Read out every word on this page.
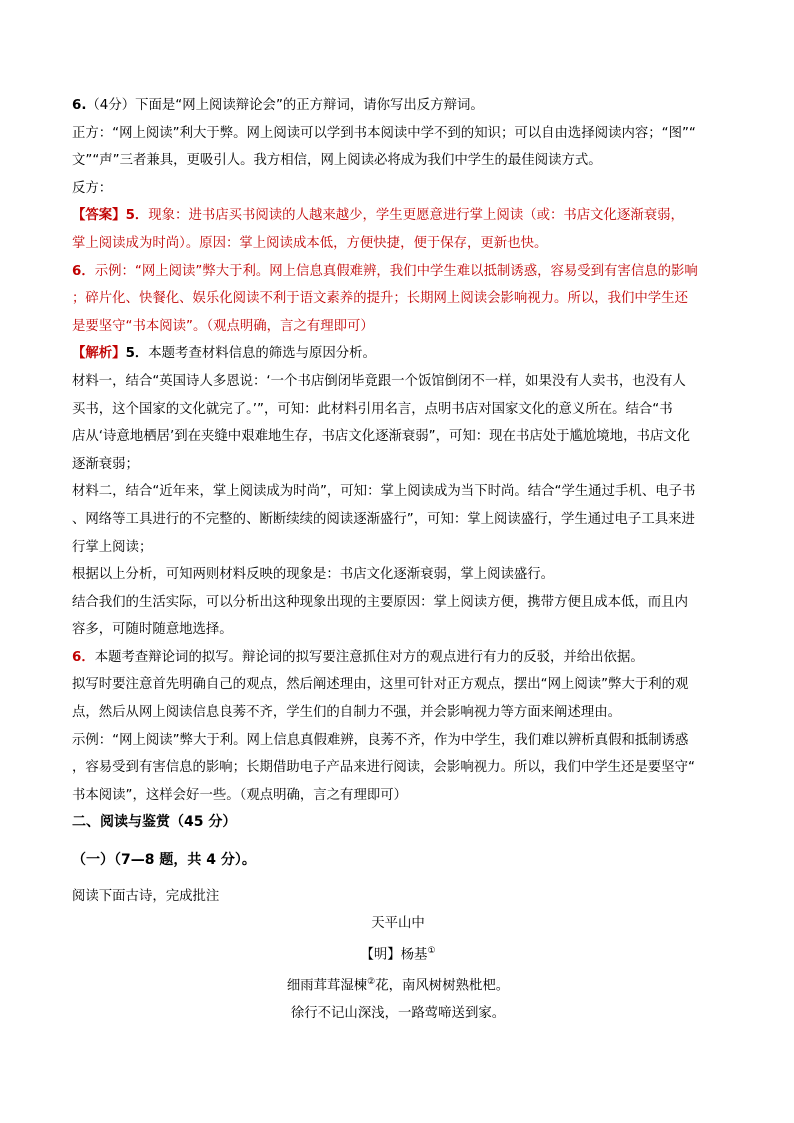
6.（4分）下面是“网上阅读辩论会”的正方辩词，请你写出反方辩词。

正方：“网上阅读”利大于弊。网上阅读可以学到书本阅读中学不到的知识；可以自由选择阅读内容；“图”“
文”“声”三者兼具，更吸引人。我方相信，网上阅读必将成为我们中学生的最佳阅读方式。

反方：

【答案】5．现象：进书店买书阅读的人越来越少，学生更愿意进行掌上阅读（或：书店文化逐渐衰弱，
掌上阅读成为时尚）。原因：掌上阅读成本低，方便快捷，便于保存，更新也快。

6．示例：“网上阅读”弊大于利。网上信息真假难辨，我们中学生难以抵制诱惑，容易受到有害信息的影响
；碎片化、快餐化、娱乐化阅读不利于语文素养的提升；长期网上阅读会影响视力。所以，我们中学生还
是要坚守“书本阅读”。（观点明确，言之有理即可）

【解析】5．本题考查材料信息的筛选与原因分析。

材料一，结合“英国诗人多恩说：‘一个书店倒闭毕竟跟一个饭馆倒闭不一样，如果没有人卖书，也没有人
买书，这个国家的文化就完了。’”，可知：此材料引用名言，点明书店对国家文化的意义所在。结合“书
店从‘诗意地栖居’到在夹缝中艰难地生存，书店文化逐渐衰弱”，可知：现在书店处于尴尬境地，书店文化
逐渐衰弱；

材料二，结合“近年来，掌上阅读成为时尚”，可知：掌上阅读成为当下时尚。结合“学生通过手机、电子书
、网络等工具进行的不完整的、断断续续的阅读逐渐盛行”，可知：掌上阅读盛行，学生通过电子工具来进
行掌上阅读；

根据以上分析，可知两则材料反映的现象是：书店文化逐渐衰弱，掌上阅读盛行。

结合我们的生活实际，可以分析出这种现象出现的主要原因：掌上阅读方便，携带方便且成本低，而且内
容多，可随时随意地选择。

6．本题考查辩论词的拟写。辩论词的拟写要注意抓住对方的观点进行有力的反驳，并给出依据。

拟写时要注意首先明确自己的观点，然后阐述理由，这里可针对正方观点，摆出“网上阅读”弊大于利的观
点，然后从网上阅读信息良莠不齐，学生们的自制力不强，并会影响视力等方面来阐述理由。

示例：“网上阅读”弊大于利。网上信息真假难辨，良莠不齐，作为中学生，我们难以辨析真假和抵制诱惑
，容易受到有害信息的影响；长期借助电子产品来进行阅读，会影响视力。所以，我们中学生还是要坚守“
书本阅读”，这样会好一些。（观点明确，言之有理即可）

二、阅读与鉴赏（45 分）

（一）（7—8 题，共 4 分）。

阅读下面古诗，完成批注

天平山中

【明】杨基①

细雨茸茸湿楝②花，南风树树熟枇杷。

徐行不记山深浅，一路莺啼送到家。
